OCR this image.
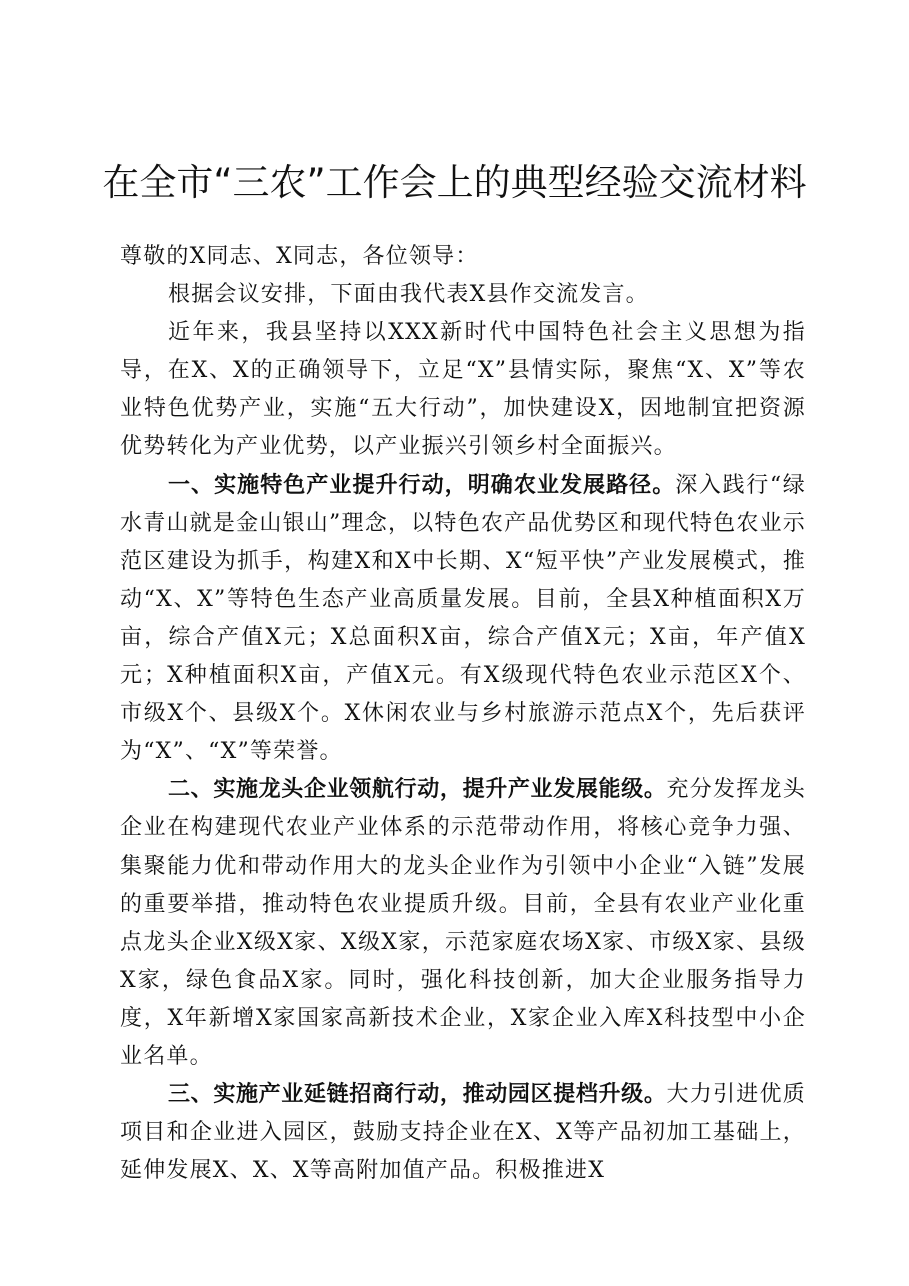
在全市“三农”工作会上的典型经验交流材料

尊敬的X同志、X同志，各位领导：

根据会议安排，下面由我代表X县作交流发言。

近年来，我县坚持以XXX新时代中国特色社会主义思想为指导，在X、X的正确领导下，立足“X”县情实际，聚焦“X、X”等农业特色优势产业，实施“五大行动”，加快建设X，因地制宜把资源优势转化为产业优势，以产业振兴引领乡村全面振兴。

一、实施特色产业提升行动，明确农业发展路径。深入践行“绿水青山就是金山银山”理念，以特色农产品优势区和现代特色农业示范区建设为抓手，构建X和X中长期、X“短平快”产业发展模式，推动“X、X”等特色生态产业高质量发展。目前，全县X种植面积X万亩，综合产值X元；X总面积X亩，综合产值X元；X亩，年产值X元；X种植面积X亩，产值X元。有X级现代特色农业示范区X个、市级X个、县级X个。X休闲农业与乡村旅游示范点X个，先后获评为“X”、“X”等荣誉。

二、实施龙头企业领航行动，提升产业发展能级。充分发挥龙头企业在构建现代农业产业体系的示范带动作用，将核心竞争力强、集聚能力优和带动作用大的龙头企业作为引领中小企业“入链”发展的重要举措，推动特色农业提质升级。目前，全县有农业产业化重点龙头企业X级X家、X级X家，示范家庭农场X家、市级X家、县级X家，绿色食品X家。同时，强化科技创新，加大企业服务指导力度，X年新增X家国家高新技术企业，X家企业入库X科技型中小企业名单。

三、实施产业延链招商行动，推动园区提档升级。大力引进优质项目和企业进入园区，鼓励支持企业在X、X等产品初加工基础上，延伸发展X、X、X等高附加值产品。积极推进X
